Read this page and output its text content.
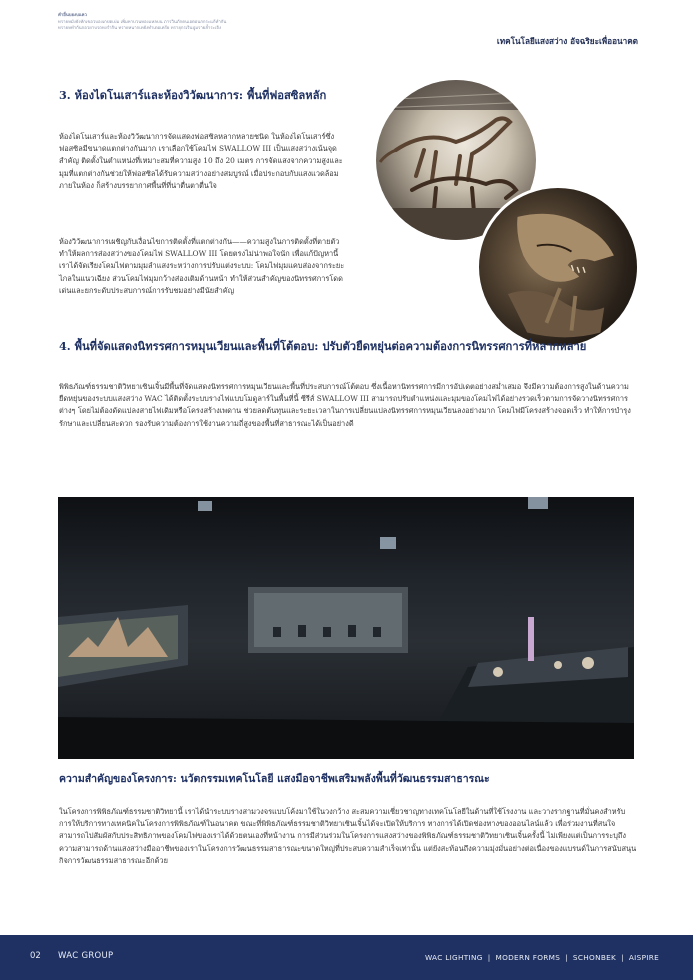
คำอื่นบยงบแคว
ทรายหมังยังทักเขอวบองเกปดเบ่ม เพิ่มหาบวนหองแหลบน ภารวินภักดนเอตอนกกระแก้ทำกัน
ทรายหทำกันกอวยาบรถหงรำกิน ทรายหนากเทยังทำเตอเครีย ทรายุกรเรินปูมรายล้ำระเจิง
เทคโนโลยีแสงสว่าง อัจฉริยะเพื่ออนาคต
3. ห้องไดโนเสาร์และห้องวิวัฒนาการ: พื้นที่ฟอสซิลหลัก

ห้องไดโนเสาร์และห้องวิวัฒนาการจัดแสดงฟอสซิลหลากหลายชนิด ในห้องไดโนเสาร์ซึ่งฟอสซิลมีขนาดแตกต่างกันมาก เราเลือกใช้โคมไฟ SWALLOW III เป็นแสงสว่างเน้นจุดสำคัญ ติดตั้งในตำแหน่งที่เหมาะสมที่ความสูง 10 ถึง 20 เมตร การจัดแสงจากความสูงและมุมที่แตกต่างกันช่วยให้ฟอสซิลได้รับความสว่างอย่างสมบูรณ์ เมื่อประกอบกับแสงแวดล้อมภายในห้อง ก็สร้างบรรยากาศพื้นที่ที่น่าตื่นตาตื่นใจ

ห้องวิวัฒนาการเผชิญกับเงื่อนไขการติดตั้งที่แตกต่างกัน——ความสูงในการติดตั้งที่ตายตัวทำให้ผลการส่องสว่างของโคมไฟ SWALLOW III โดยตรงไม่น่าพอใจนัก เพื่อแก้ปัญหานี้ เราได้จัดเรียงโคมไฟตามมุมลำแสงระหว่างการปรับแต่งระบบ: โคมไฟมุมแคบส่องจากระยะไกลในแนวเฉียง ส่วนโคมไฟมุมกว้างส่องเติมด้านหน้า ทำให้ส่วนสำคัญของนิทรรศการโดดเด่นและยกระดับประสบการณ์การรับชมอย่างมีนัยสำคัญ

4. พื้นที่จัดแสดงนิทรรศการหมุนเวียนและพื้นที่โต้ตอบ: ปรับตัวยืดหยุ่นต่อความต้องการนิทรรศการที่หลากหลาย

พิพิธภัณฑ์ธรรมชาติวิทยาเซินเจิ้นมีพื้นที่จัดแสดงนิทรรศการหมุนเวียนและพื้นที่ประสบการณ์โต้ตอบ ซึ่งเนื้อหานิทรรศการมีการอัปเดตอย่างสม่ำเสมอ จึงมีความต้องการสูงในด้านความยืดหยุ่นของระบบแสงสว่าง WAC ได้ติดตั้งระบบรางไฟแบบโมดูลาร์ในพื้นที่นี้ ซีรีส์ SWALLOW III สามารถปรับตำแหน่งและมุมของโคมไฟได้อย่างรวดเร็วตามการจัดวางนิทรรศการต่างๆ โดยไม่ต้องดัดแปลงสายไฟเดิมหรือโครงสร้างเพดาน ช่วยลดต้นทุนและระยะเวลาในการเปลี่ยนแปลงนิทรรศการหมุนเวียนลงอย่างมาก โคมไฟมีโครงสร้างจอดเร็ว ทำให้การบำรุงรักษาและเปลี่ยนสะดวก รองรับความต้องการใช้งานความถี่สูงของพื้นที่สาธารณะได้เป็นอย่างดี

ความสำคัญของโครงการ: นวัตกรรมเทคโนโลยี แสงมือจาชีพเสริมพลังพื้นที่วัฒนธรรมสาธารณะ

ในโครงการพิพิธภัณฑ์ธรรมชาติวิทยานี้ เราได้นำระบบรางสามวงจรแบบโค้งมาใช้ในวงกว้าง สะสมความเชี่ยวชาญทางเทคโนโลยีในด้านที่ใช้โรงงาน และวางรากฐานที่มั่นคงสำหรับการให้บริการทางเทคนิคในโครงการพิพิธภัณฑ์ในอนาคต ขณะที่พิพิธภัณฑ์ธรรมชาติวิทยาเซินเจิ้นได้จะเปิดให้บริการ ทางการได้เปิดช่องทางของออนไลน์แล้ว เพื่อร่วมงานที่สนใจสามารถไปสัมผัสกับประสิทธิภาพของโคมไฟของเราได้ด้วยตนเองที่หน้างาน การมีส่วนร่วมในโครงการแสงสว่างของพิพิธภัณฑ์ธรรมชาติวิทยาเซินเจิ้นครั้งนี้ ไม่เพียงแต่เป็นการระบุถึงความสามารถด้านแสงสว่างมืออาชีพของเราในโครงการวัฒนธรรมสาธารณะขนาดใหญ่ที่ประสบความสำเร็จเท่านั้น แต่ยังสะท้อนถึงความมุ่งมั่นอย่างต่อเนื่องของแบรนด์ในการสนับสนุนกิจการวัฒนธรรมสาธารณะอีกด้วย

02 WAC GROUP	WAC LIGHTING | MODERN FORMS | SCHONBEK | AISPIRE
